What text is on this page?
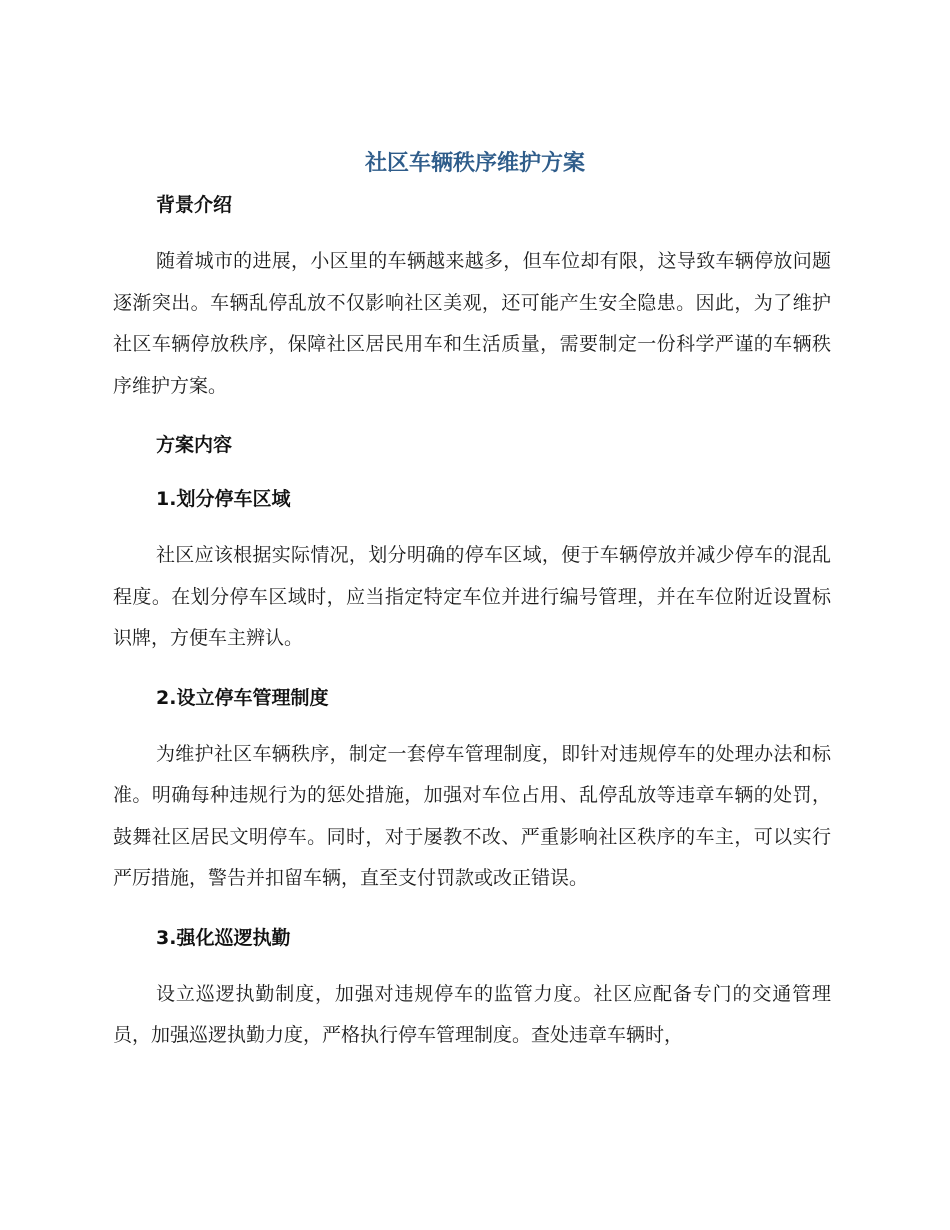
社区车辆秩序维护方案
背景介绍

随着城市的进展，小区里的车辆越来越多，但车位却有限，这导致车辆停放问题逐渐突出。车辆乱停乱放不仅影响社区美观，还可能产生安全隐患。因此，为了维护社区车辆停放秩序，保障社区居民用车和生活质量，需要制定一份科学严谨的车辆秩序维护方案。

方案内容
1.划分停车区域

社区应该根据实际情况，划分明确的停车区域，便于车辆停放并减少停车的混乱程度。在划分停车区域时，应当指定特定车位并进行编号管理，并在车位附近设置标识牌，方便车主辨认。

2.设立停车管理制度

为维护社区车辆秩序，制定一套停车管理制度，即针对违规停车的处理办法和标准。明确每种违规行为的惩处措施，加强对车位占用、乱停乱放等违章车辆的处罚，鼓舞社区居民文明停车。同时，对于屡教不改、严重影响社区秩序的车主，可以实行严厉措施，警告并扣留车辆，直至支付罚款或改正错误。

3.强化巡逻执勤

设立巡逻执勤制度，加强对违规停车的监管力度。社区应配备专门的交通管理员，加强巡逻执勤力度，严格执行停车管理制度。查处违章车辆时，
